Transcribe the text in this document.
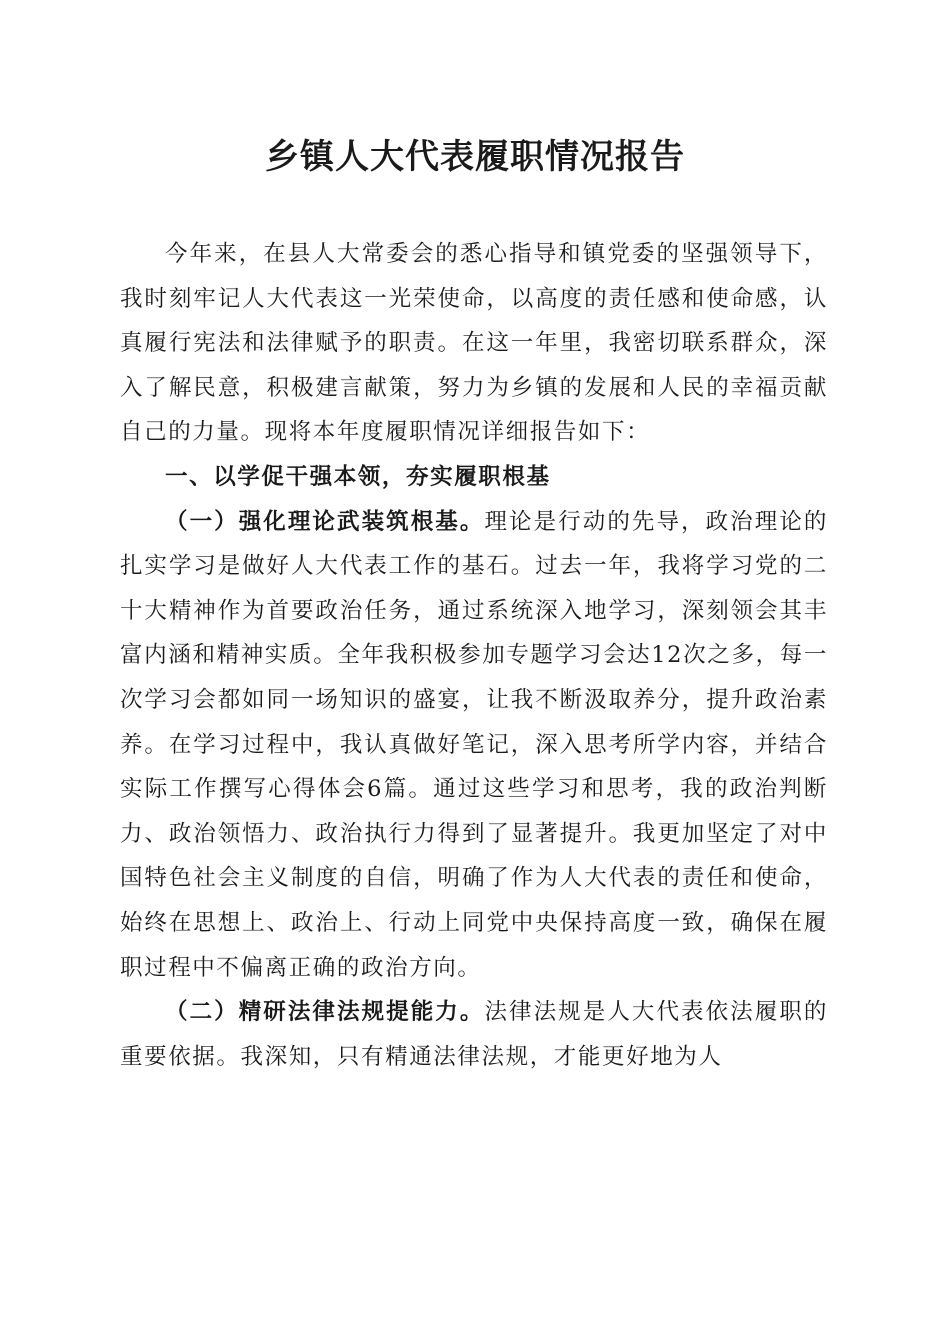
乡镇人大代表履职情况报告

今年来，在县人大常委会的悉心指导和镇党委的坚强领导下，我时刻牢记人大代表这一光荣使命，以高度的责任感和使命感，认真履行宪法和法律赋予的职责。在这一年里，我密切联系群众，深入了解民意，积极建言献策，努力为乡镇的发展和人民的幸福贡献自己的力量。现将本年度履职情况详细报告如下：

一、以学促干强本领，夯实履职根基

（一）强化理论武装筑根基。理论是行动的先导，政治理论的扎实学习是做好人大代表工作的基石。过去一年，我将学习党的二十大精神作为首要政治任务，通过系统深入地学习，深刻领会其丰富内涵和精神实质。全年我积极参加专题学习会达12次之多，每一次学习会都如同一场知识的盛宴，让我不断汲取养分，提升政治素养。在学习过程中，我认真做好笔记，深入思考所学内容，并结合实际工作撰写心得体会6篇。通过这些学习和思考，我的政治判断力、政治领悟力、政治执行力得到了显著提升。我更加坚定了对中国特色社会主义制度的自信，明确了作为人大代表的责任和使命，始终在思想上、政治上、行动上同党中央保持高度一致，确保在履职过程中不偏离正确的政治方向。

（二）精研法律法规提能力。法律法规是人大代表依法履职的重要依据。我深知，只有精通法律法规，才能更好地为人
